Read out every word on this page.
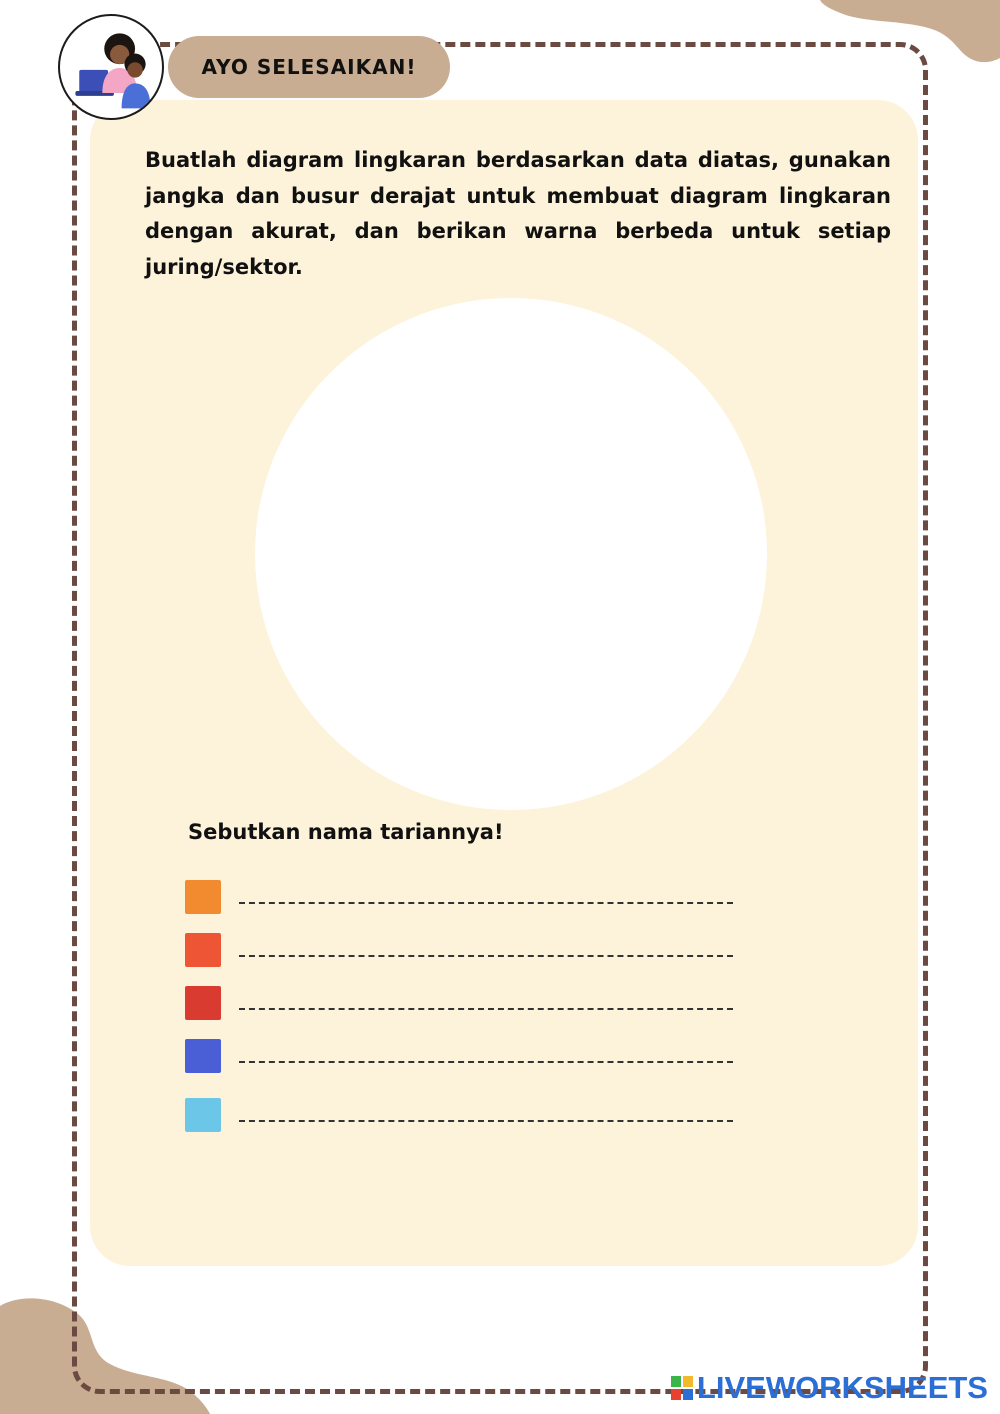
AYO SELESAIKAN!

Buatlah diagram lingkaran berdasarkan data diatas, gunakan jangka dan busur derajat untuk membuat diagram lingkaran dengan akurat, dan berikan warna berbeda untuk setiap juring/sektor.

Sebutkan nama tariannya!
LIVEWORKSHEETS
